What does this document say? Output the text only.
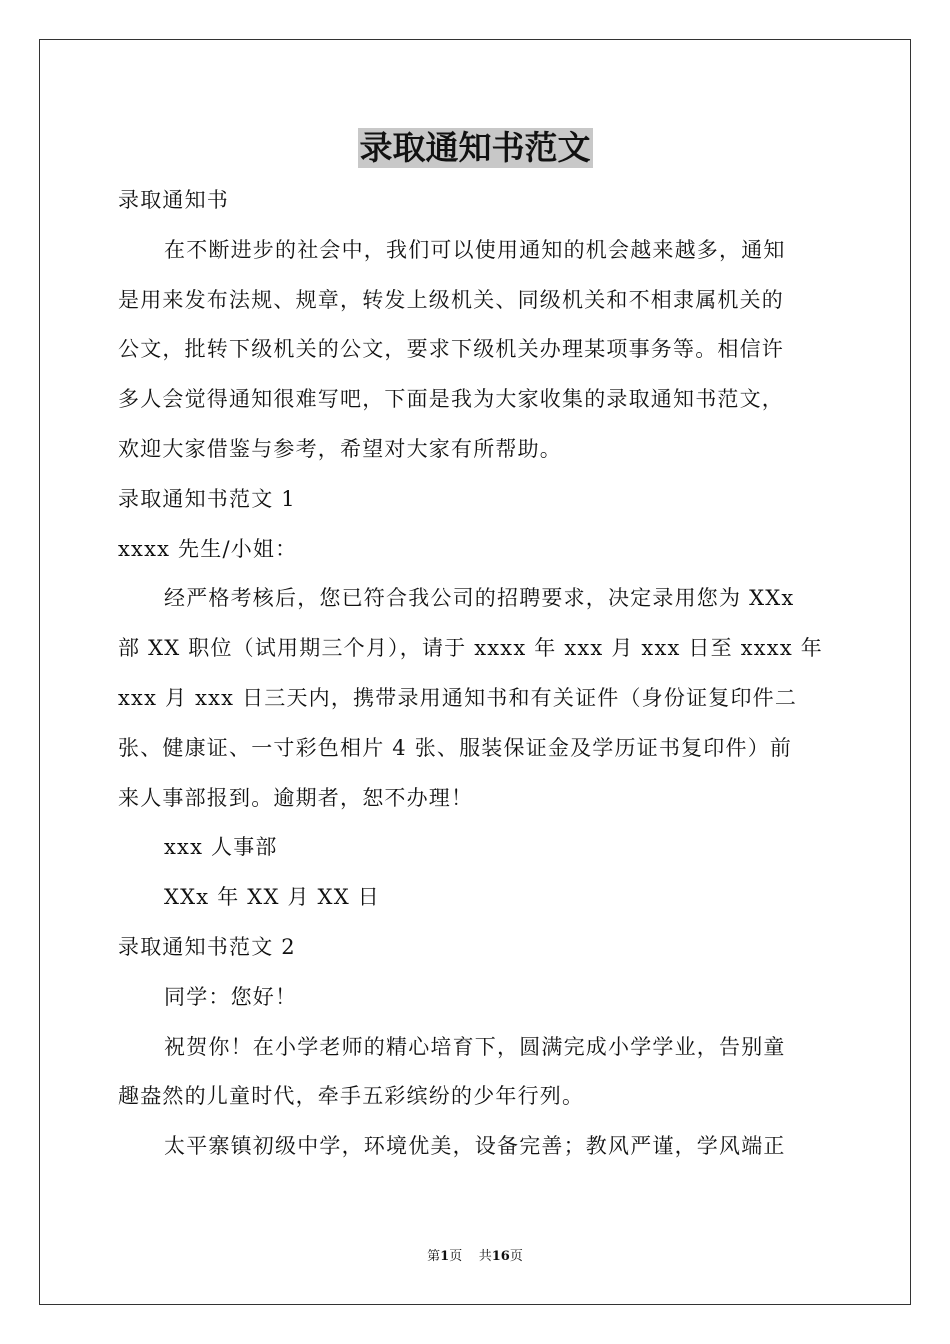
录取通知书范文
录取通知书
在不断进步的社会中，我们可以使用通知的机会越来越多，通知
是用来发布法规、规章，转发上级机关、同级机关和不相隶属机关的
公文，批转下级机关的公文，要求下级机关办理某项事务等。相信许
多人会觉得通知很难写吧，下面是我为大家收集的录取通知书范文，
欢迎大家借鉴与参考，希望对大家有所帮助。
录取通知书范文 1
xxxx 先生/小姐：
经严格考核后，您已符合我公司的招聘要求，决定录用您为 XXx
部 XX 职位（试用期三个月），请于 xxxx 年 xxx 月 xxx 日至 xxxx 年
xxx 月 xxx 日三天内，携带录用通知书和有关证件（身份证复印件二
张、健康证、一寸彩色相片 4 张、服装保证金及学历证书复印件）前
来人事部报到。逾期者，恕不办理！
xxx 人事部
XXx 年 XX 月 XX 日
录取通知书范文 2
同学：您好！
祝贺你！在小学老师的精心培育下，圆满完成小学学业，告别童
趣盎然的儿童时代，牵手五彩缤纷的少年行列。
太平寨镇初级中学，环境优美，设备完善；教风严谨，学风端正
第1页 共16页
